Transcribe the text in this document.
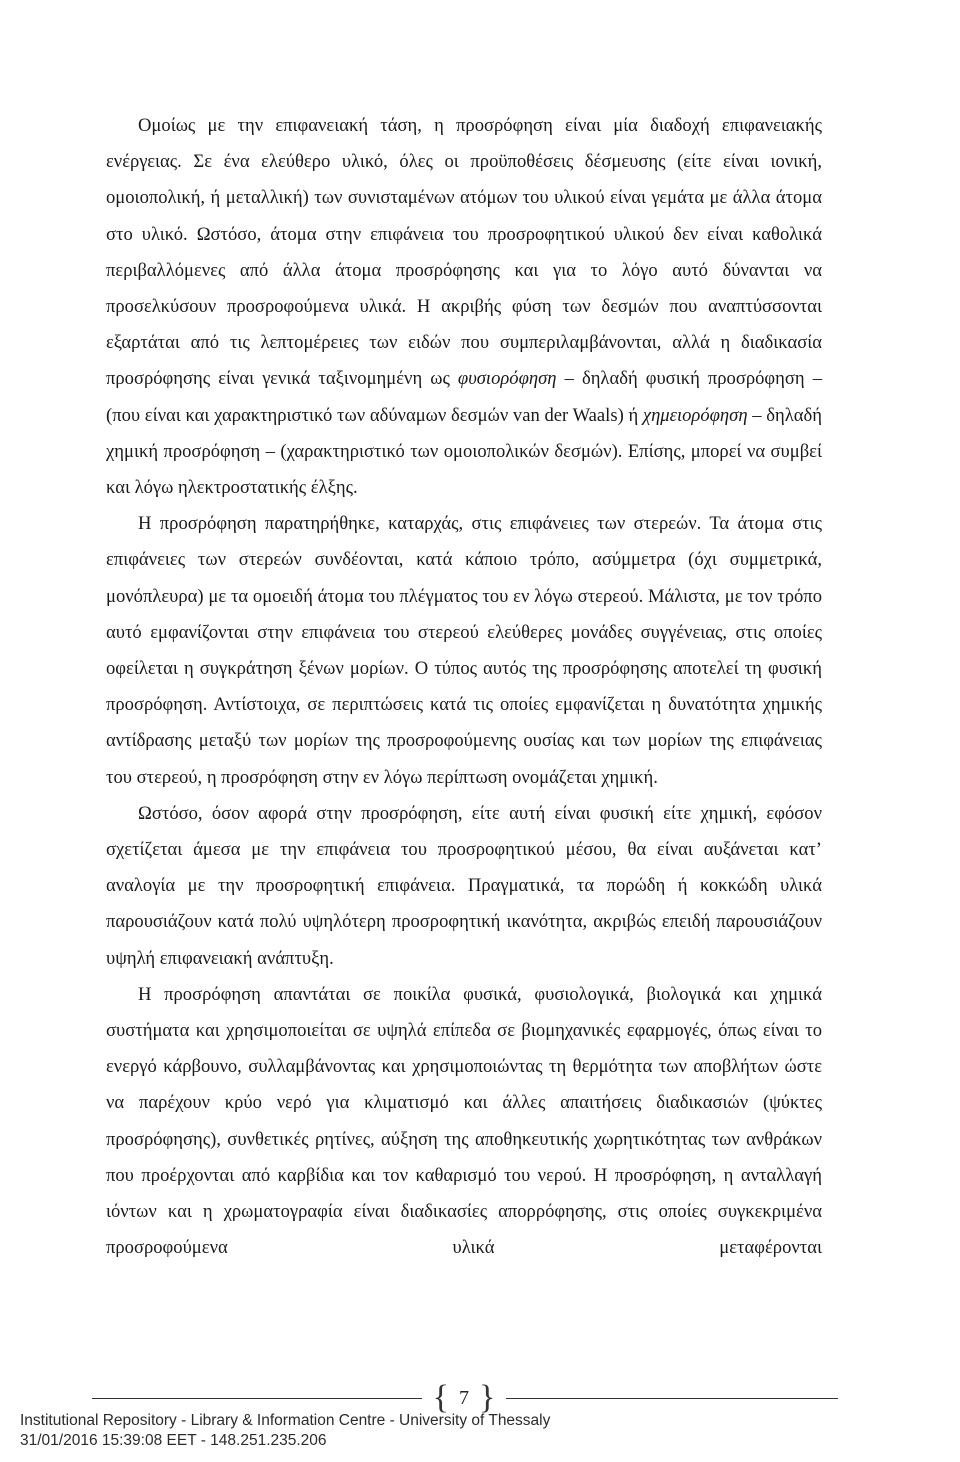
Ομοίως με την επιφανειακή τάση, η προσρόφηση είναι μία διαδοχή επιφανειακής ενέργειας. Σε ένα ελεύθερο υλικό, όλες οι προϋποθέσεις δέσμευσης (είτε είναι ιονική, ομοιοπολική, ή μεταλλική) των συνισταμένων ατόμων του υλικού είναι γεμάτα με άλλα άτομα στο υλικό. Ωστόσο, άτομα στην επιφάνεια του προσροφητικού υλικού δεν είναι καθολικά περιβαλλόμενες από άλλα άτομα προσρόφησης και για το λόγο αυτό δύνανται να προσελκύσουν προσροφούμενα υλικά. Η ακριβής φύση των δεσμών που αναπτύσσονται εξαρτάται από τις λεπτομέρειες των ειδών που συμπεριλαμβάνονται, αλλά η διαδικασία προσρόφησης είναι γενικά ταξινομημένη ως φυσιορόφηση – δηλαδή φυσική προσρόφηση – (που είναι και χαρακτηριστικό των αδύναμων δεσμών van der Waals) ή χημειορόφηση – δηλαδή χημική προσρόφηση – (χαρακτηριστικό των ομοιοπολικών δεσμών). Επίσης, μπορεί να συμβεί και λόγω ηλεκτροστατικής έλξης.

Η προσρόφηση παρατηρήθηκε, καταρχάς, στις επιφάνειες των στερεών. Τα άτομα στις επιφάνειες των στερεών συνδέονται, κατά κάποιο τρόπο, ασύμμετρα (όχι συμμετρικά, μονόπλευρα) με τα ομοειδή άτομα του πλέγματος του εν λόγω στερεού. Μάλιστα, με τον τρόπο αυτό εμφανίζονται στην επιφάνεια του στερεού ελεύθερες μονάδες συγγένειας, στις οποίες οφείλεται η συγκράτηση ξένων μορίων. Ο τύπος αυτός της προσρόφησης αποτελεί τη φυσική προσρόφηση. Αντίστοιχα, σε περιπτώσεις κατά τις οποίες εμφανίζεται η δυνατότητα χημικής αντίδρασης μεταξύ των μορίων της προσροφούμενης ουσίας και των μορίων της επιφάνειας του στερεού, η προσρόφηση στην εν λόγω περίπτωση ονομάζεται χημική.

Ωστόσο, όσον αφορά στην προσρόφηση, είτε αυτή είναι φυσική είτε χημική, εφόσον σχετίζεται άμεσα με την επιφάνεια του προσροφητικού μέσου, θα είναι αυξάνεται κατ’ αναλογία με την προσροφητική επιφάνεια. Πραγματικά, τα πορώδη ή κοκκώδη υλικά παρουσιάζουν κατά πολύ υψηλότερη προσροφητική ικανότητα, ακριβώς επειδή παρουσιάζουν υψηλή επιφανειακή ανάπτυξη.

Η προσρόφηση απαντάται σε ποικίλα φυσικά, φυσιολογικά, βιολογικά και χημικά συστήματα και χρησιμοποιείται σε υψηλά επίπεδα σε βιομηχανικές εφαρμογές, όπως είναι το ενεργό κάρβουνο, συλλαμβάνοντας και χρησιμοποιώντας τη θερμότητα των αποβλήτων ώστε να παρέχουν κρύο νερό για κλιματισμό και άλλες απαιτήσεις διαδικασιών (ψύκτες προσρόφησης), συνθετικές ρητίνες, αύξηση της αποθηκευτικής χωρητικότητας των ανθράκων που προέρχονται από καρβίδια και τον καθαρισμό του νερού. Η προσρόφηση, η ανταλλαγή ιόντων και η χρωματογραφία είναι διαδικασίες απορρόφησης, στις οποίες συγκεκριμένα προσροφούμενα υλικά μεταφέρονται

{ 7 }
Institutional Repository - Library & Information Centre - University of Thessaly
31/01/2016 15:39:08 EET - 148.251.235.206
